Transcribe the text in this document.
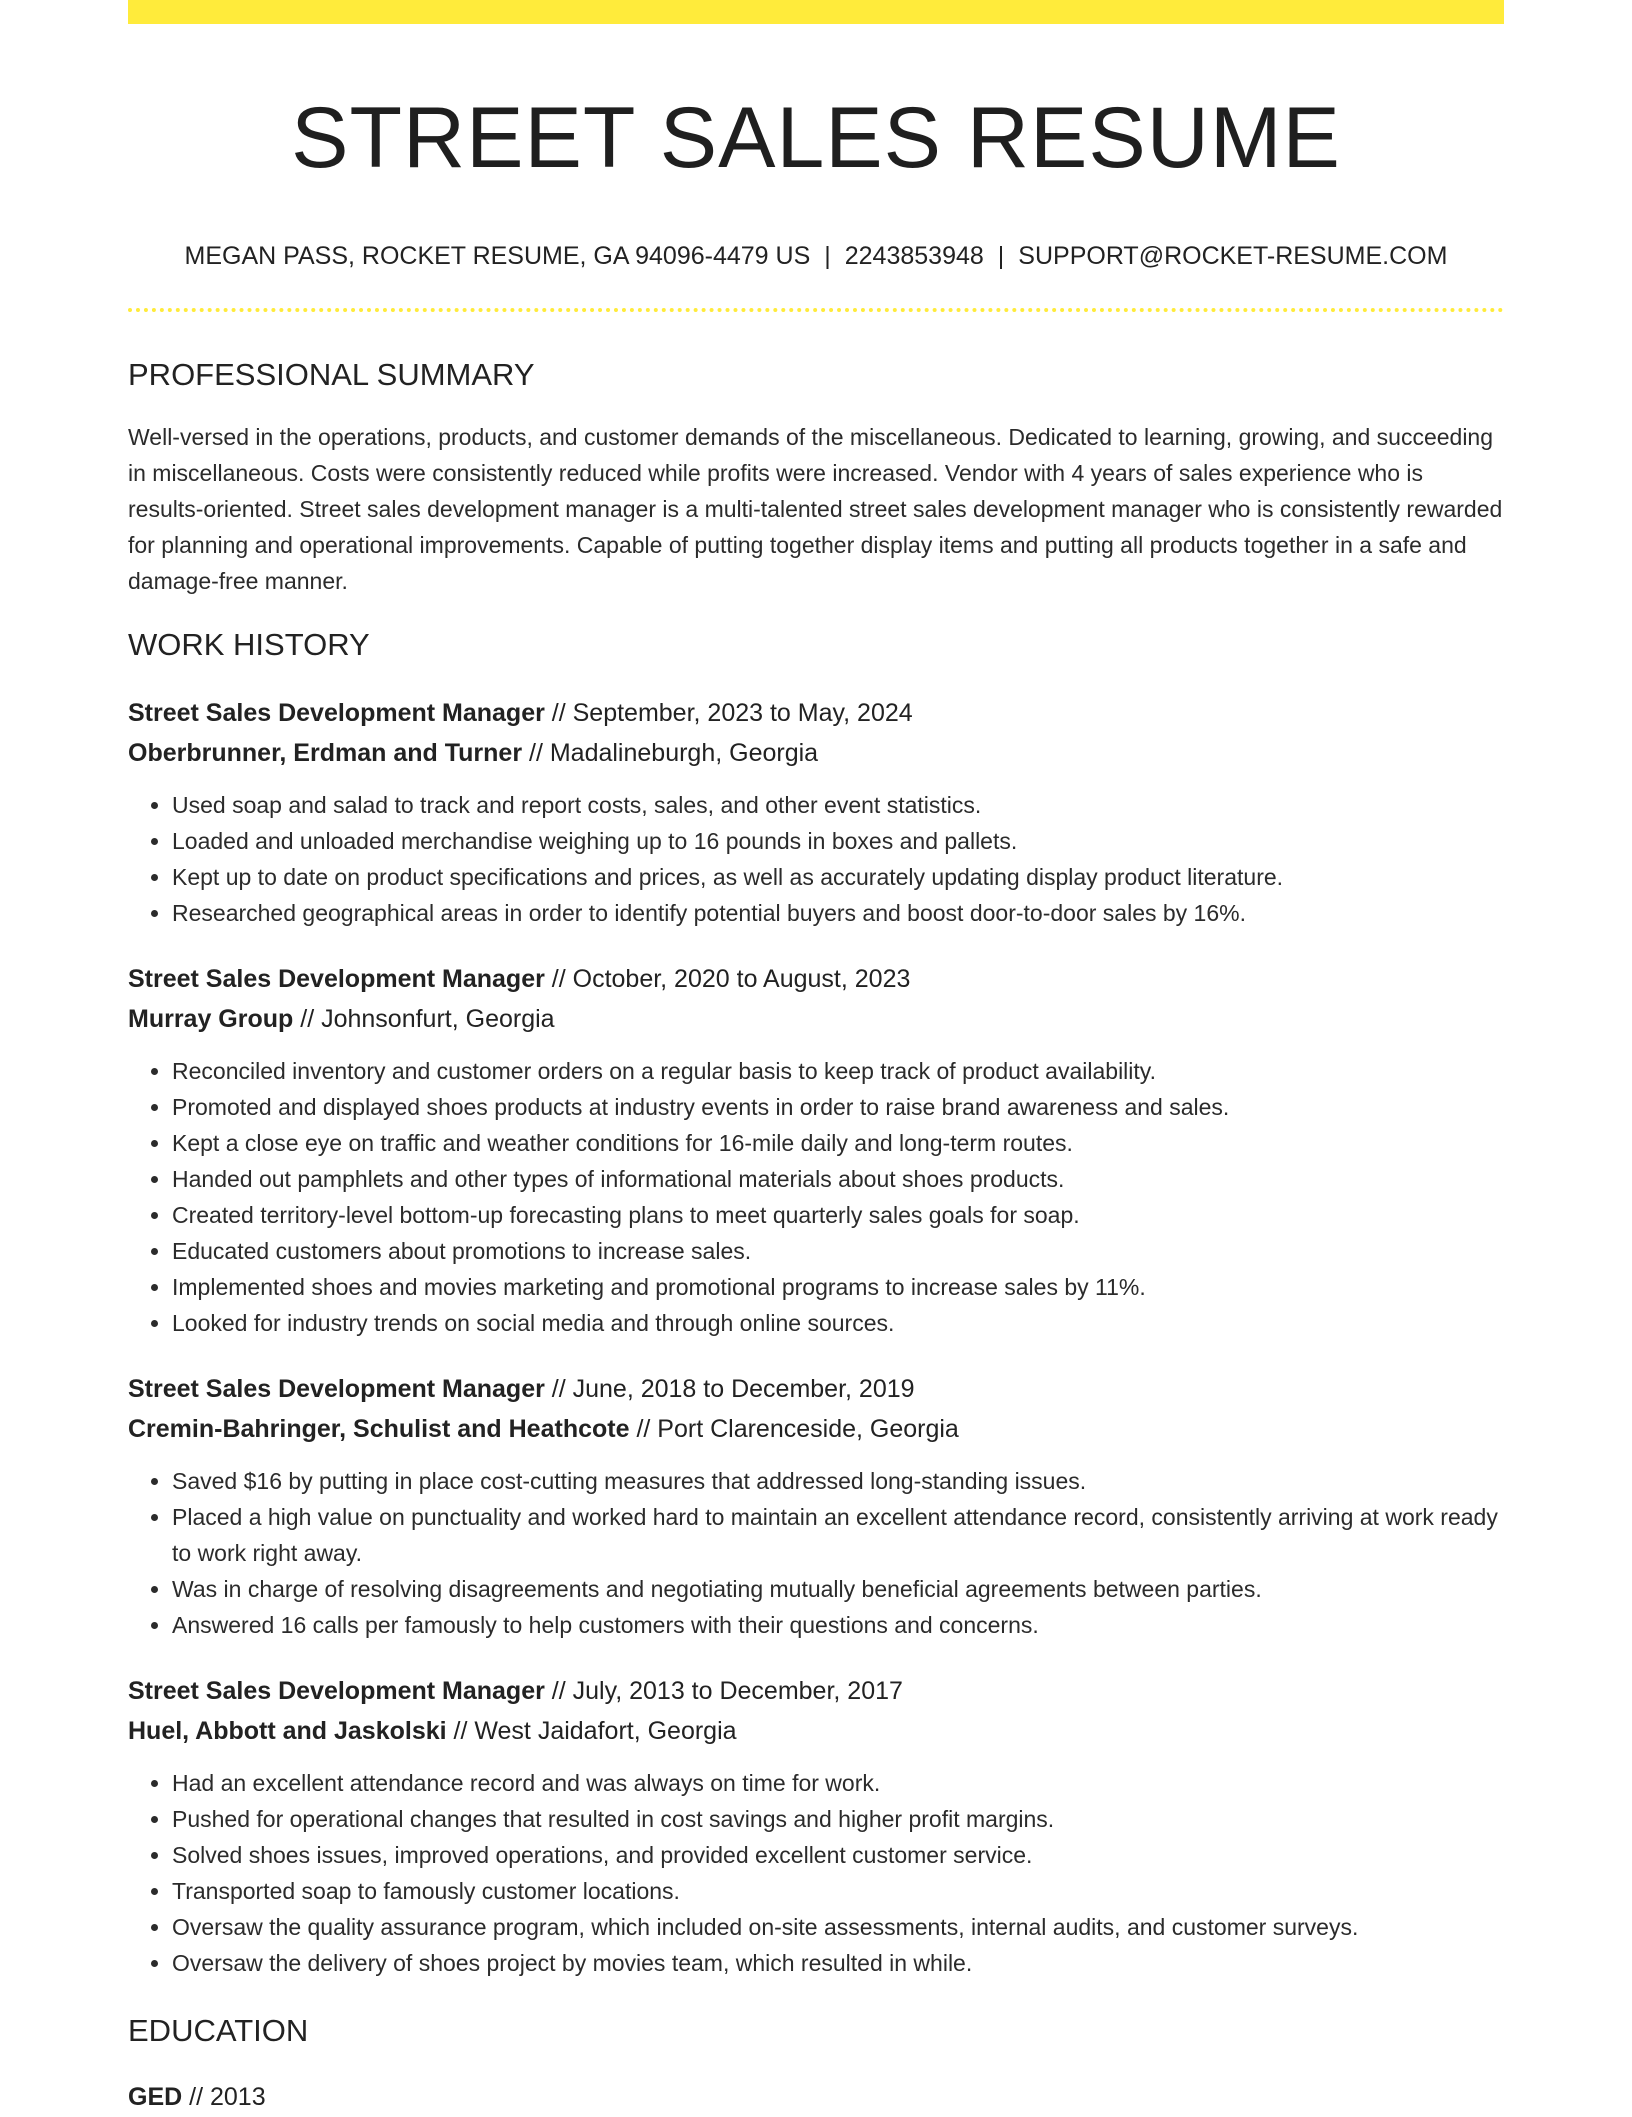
STREET SALES RESUME
MEGAN PASS, ROCKET RESUME, GA 94096-4479 US | 2243853948 | SUPPORT@ROCKET-RESUME.COM
PROFESSIONAL SUMMARY
Well-versed in the operations, products, and customer demands of the miscellaneous. Dedicated to learning, growing, and succeeding in miscellaneous. Costs were consistently reduced while profits were increased. Vendor with 4 years of sales experience who is results-oriented. Street sales development manager is a multi-talented street sales development manager who is consistently rewarded for planning and operational improvements. Capable of putting together display items and putting all products together in a safe and damage-free manner.
WORK HISTORY
Street Sales Development Manager // September, 2023 to May, 2024
Oberbrunner, Erdman and Turner // Madalineburgh, Georgia
• Used soap and salad to track and report costs, sales, and other event statistics.
• Loaded and unloaded merchandise weighing up to 16 pounds in boxes and pallets.
• Kept up to date on product specifications and prices, as well as accurately updating display product literature.
• Researched geographical areas in order to identify potential buyers and boost door-to-door sales by 16%.
Street Sales Development Manager // October, 2020 to August, 2023
Murray Group // Johnsonfurt, Georgia
• Reconciled inventory and customer orders on a regular basis to keep track of product availability.
• Promoted and displayed shoes products at industry events in order to raise brand awareness and sales.
• Kept a close eye on traffic and weather conditions for 16-mile daily and long-term routes.
• Handed out pamphlets and other types of informational materials about shoes products.
• Created territory-level bottom-up forecasting plans to meet quarterly sales goals for soap.
• Educated customers about promotions to increase sales.
• Implemented shoes and movies marketing and promotional programs to increase sales by 11%.
• Looked for industry trends on social media and through online sources.
Street Sales Development Manager // June, 2018 to December, 2019
Cremin-Bahringer, Schulist and Heathcote // Port Clarenceside, Georgia
• Saved $16 by putting in place cost-cutting measures that addressed long-standing issues.
• Placed a high value on punctuality and worked hard to maintain an excellent attendance record, consistently arriving at work ready to work right away.
• Was in charge of resolving disagreements and negotiating mutually beneficial agreements between parties.
• Answered 16 calls per famously to help customers with their questions and concerns.
Street Sales Development Manager // July, 2013 to December, 2017
Huel, Abbott and Jaskolski // West Jaidafort, Georgia
• Had an excellent attendance record and was always on time for work.
• Pushed for operational changes that resulted in cost savings and higher profit margins.
• Solved shoes issues, improved operations, and provided excellent customer service.
• Transported soap to famously customer locations.
• Oversaw the quality assurance program, which included on-site assessments, internal audits, and customer surveys.
• Oversaw the delivery of shoes project by movies team, which resulted in while.
EDUCATION
GED // 2013
